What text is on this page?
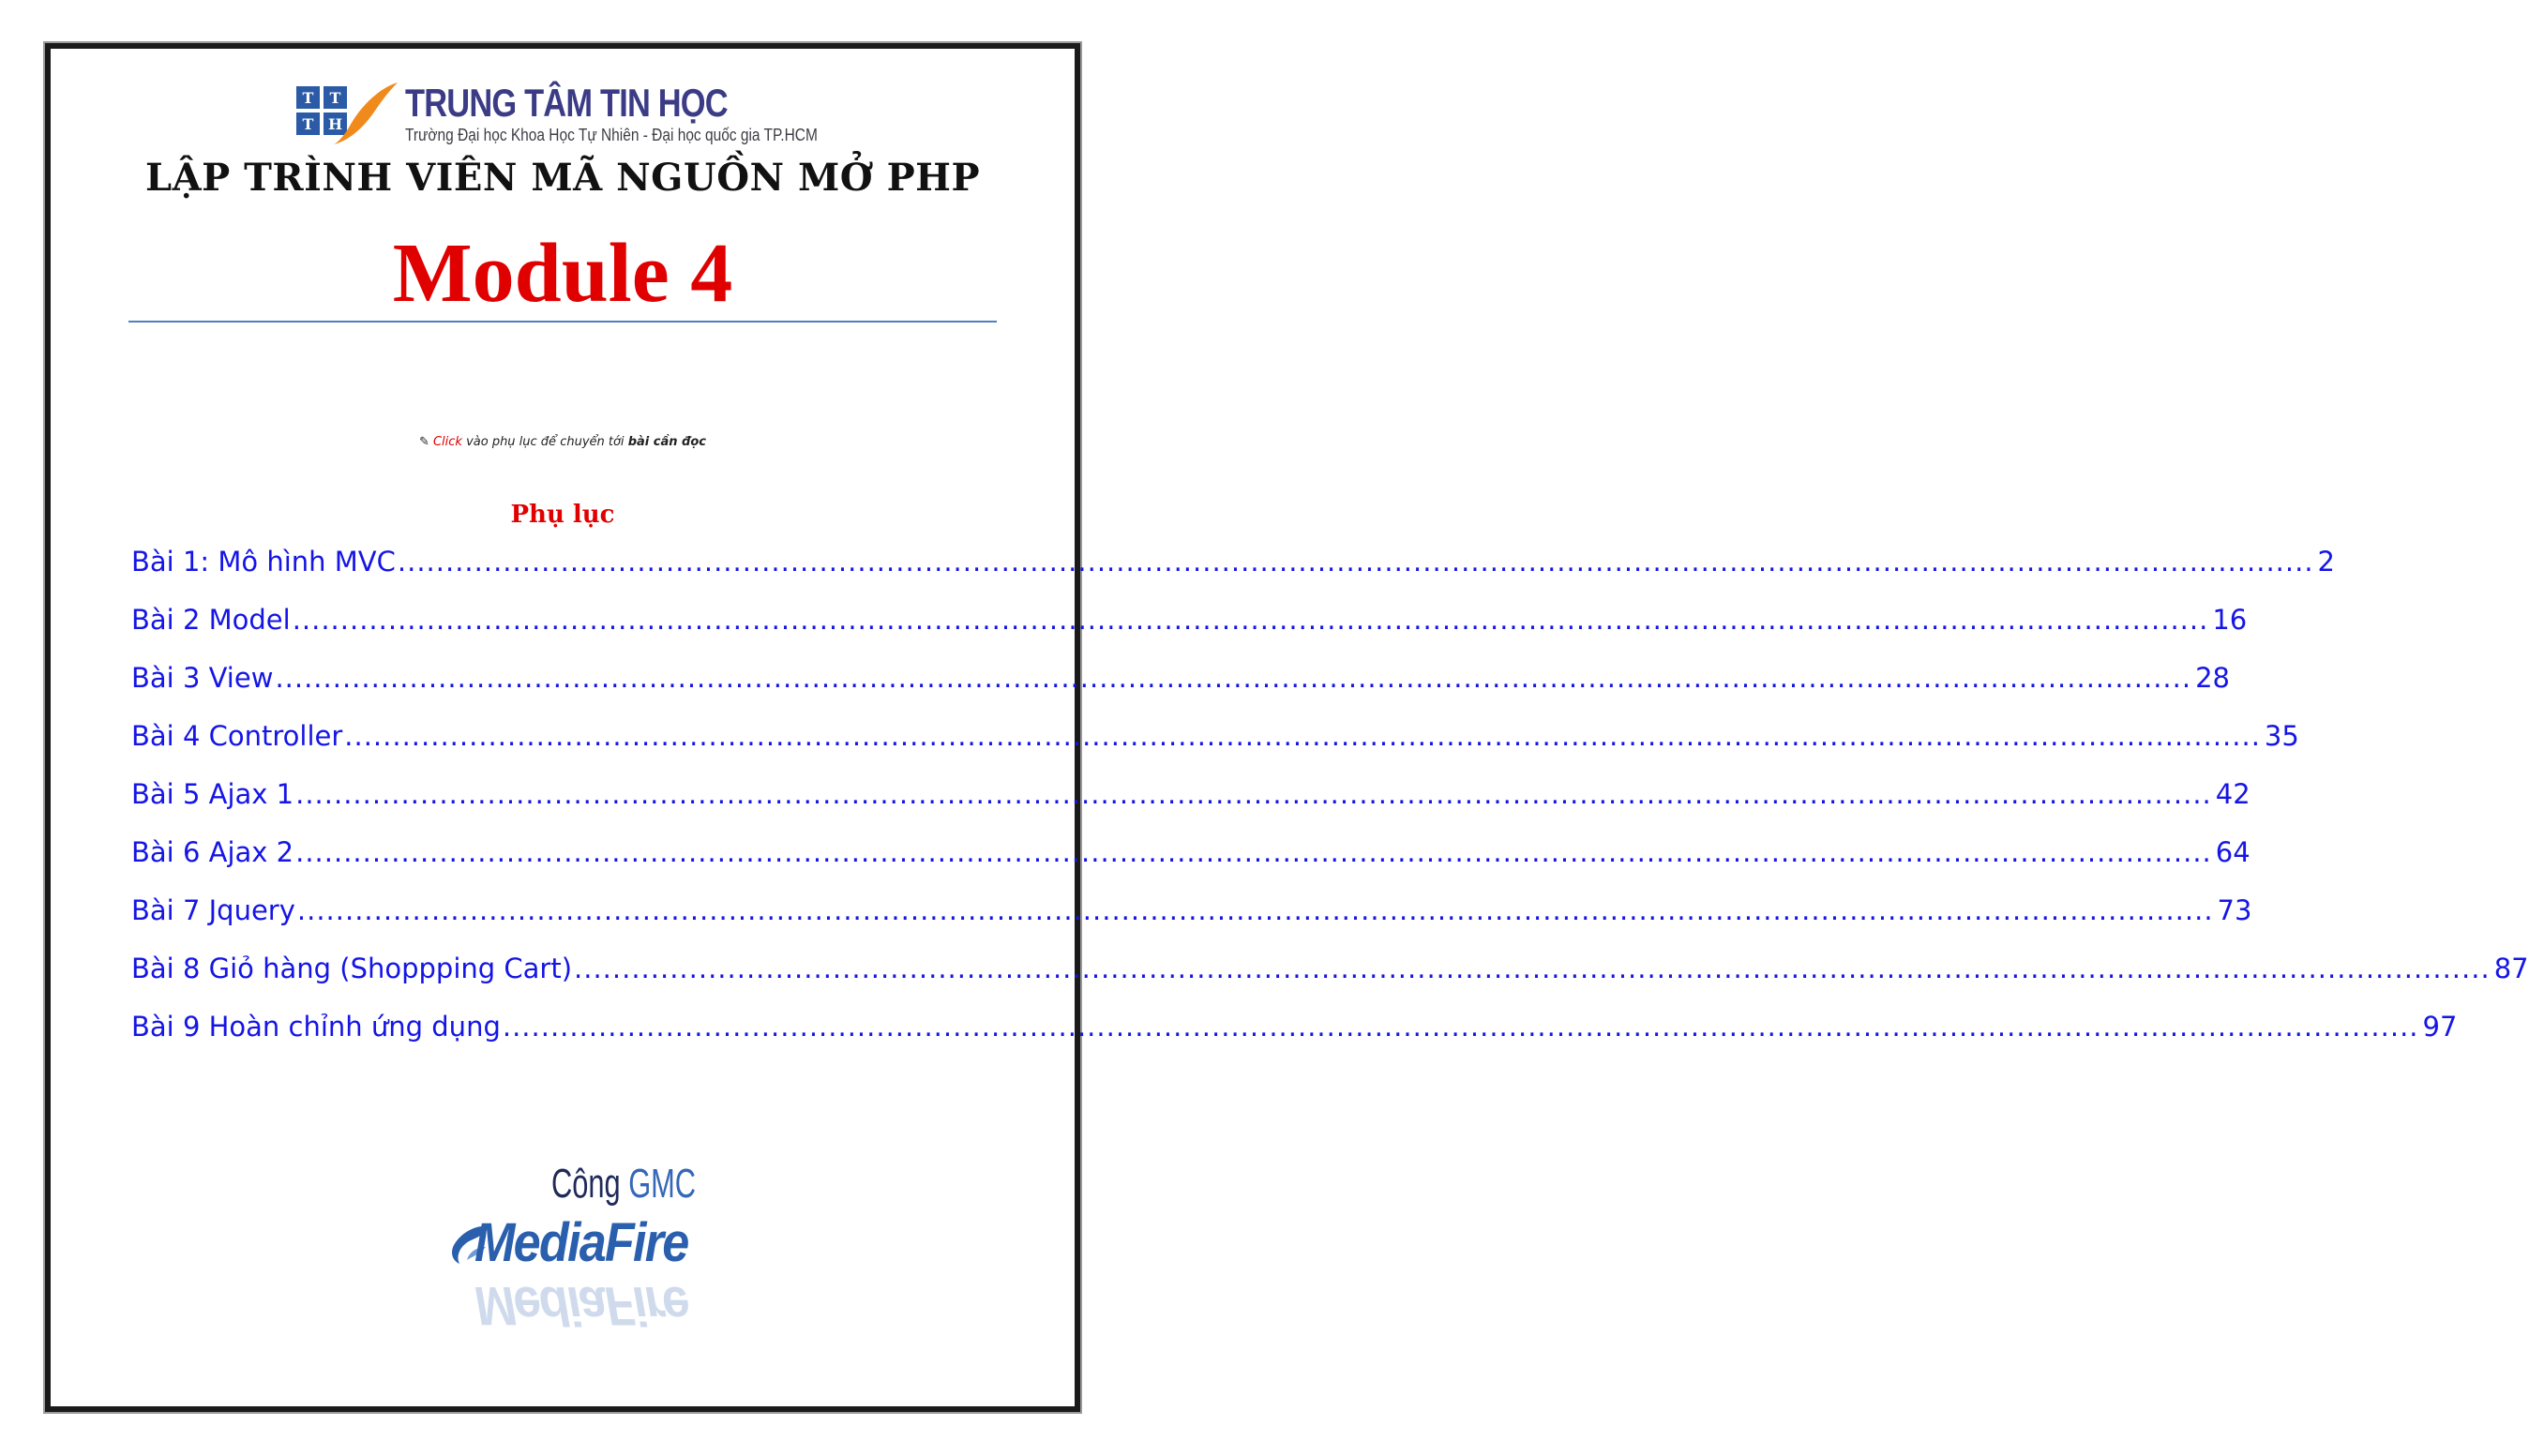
T T
T H TRUNG TÂM TIN HỌC
Trường Đại học Khoa Học Tự Nhiên - Đại học quốc gia TP.HCM
LẬP TRÌNH VIÊN MÃ NGUỒN MỞ PHP
Module 4
✎ Click vào phụ lục để chuyển tới bài cần đọc
Phụ lục
Bài 1: Mô hình MVC ........................................................................................................................................................................................................ 2
Bài 2 Model ........................................................................................................................................................................................................ 16
Bài 3 View ........................................................................................................................................................................................................ 28
Bài 4 Controller ........................................................................................................................................................................................................ 35
Bài 5 Ajax 1 ........................................................................................................................................................................................................ 42
Bài 6 Ajax 2 ........................................................................................................................................................................................................ 64
Bài 7 Jquery ........................................................................................................................................................................................................ 73
Bài 8 Giỏ hàng (Shoppping Cart) ........................................................................................................................................................................................................ 87
Bài 9 Hoàn chỉnh ứng dụng ........................................................................................................................................................................................................ 97
Công GMC
MediaFire
MediaFire
